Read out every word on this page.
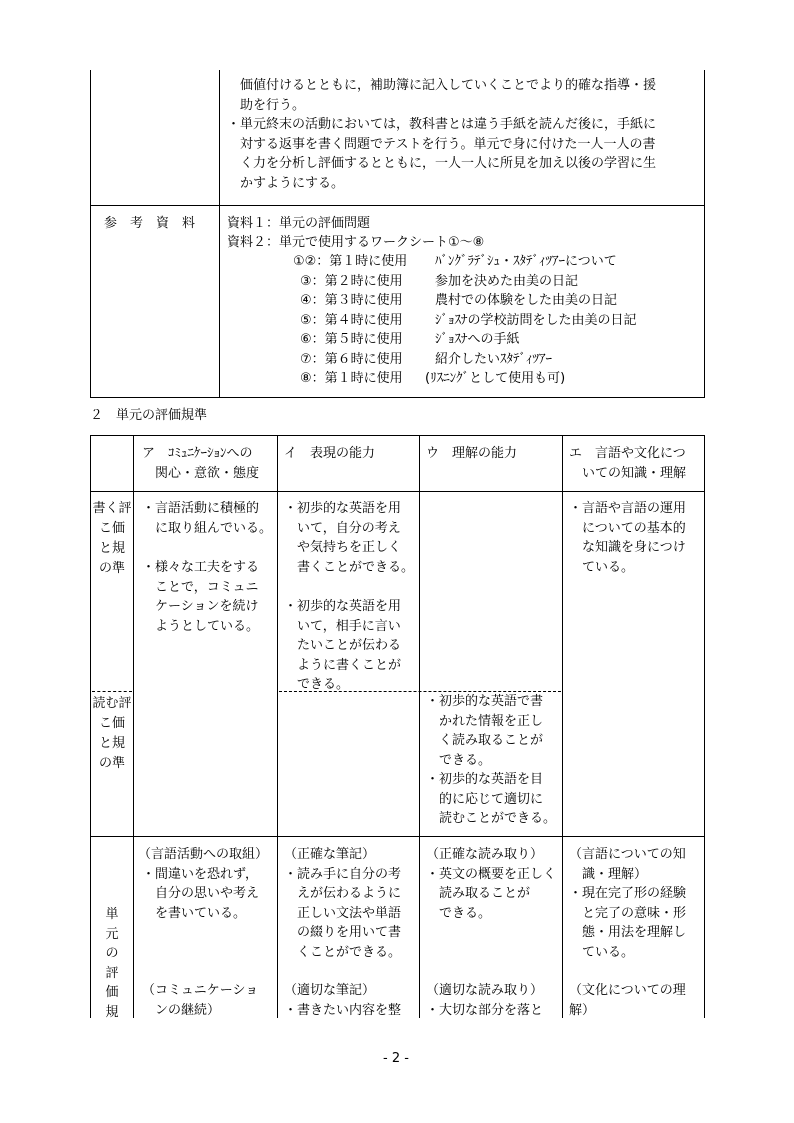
価値付けるとともに，補助簿に記入していくことでより的確な指導・援
助を行う。
・単元終末の活動においては，教科書とは違う手紙を読んだ後に，手紙に
対する返事を書く問題でテストを行う。単元で身に付けた一人一人の書
く力を分析し評価するとともに，一人一人に所見を加え以後の学習に生
かすようにする。
参　考　資　料 資料１：単元の評価問題
資料２：単元で使用するワークシート①～⑧
①②：第１時に使用 ﾊﾞﾝｸﾞﾗﾃﾞｼｭ・ｽﾀﾃﾞｨﾂｱｰについて
③：第２時に使用 参加を決めた由美の日記
④：第３時に使用 農村での体験をした由美の日記
⑤：第４時に使用 ｼﾞｮｽﾅの学校訪問をした由美の日記
⑥：第５時に使用 ｼﾞｮｽﾅへの手紙
⑦：第６時に使用 紹介したいｽﾀﾃﾞｨﾂｱｰ
⑧：第１時に使用 (ﾘｽﾆﾝｸﾞとして使用も可)
２　単元の評価規準
ア　ｺﾐｭﾆｹｰｼｮﾝへの
関心・意欲・態度
イ　表現の能力	ウ　理解の能力	エ　言語や文化につ
いての知識・理解
書く評
こ価
と規
の準
読む評
こ価
と規
の準
単
元
の
評
価
規
・言語活動に積極的
に取り組んでいる。
・様々な工夫をする
ことで，コミュニ
ケーションを続け
ようとしている。
・初歩的な英語を用
いて，自分の考え
や気持ちを正しく
書くことができる。
・初歩的な英語を用
いて，相手に言い
たいことが伝わる
ように書くことが
できる。
・言語や言語の運用
についての基本的
な知識を身につけ
ている。
・初歩的な英語で書
かれた情報を正し
く読み取ることが
できる。
・初歩的な英語を目
的に応じて適切に
読むことができる。
（言語活動への取組）
・間違いを恐れず，
自分の思いや考え
を書いている。
（コミュニケーショ
ンの継続）
（正確な筆記）
・読み手に自分の考
えが伝わるように
正しい文法や単語
の綴りを用いて書
くことができる。
（適切な筆記）
・書きたい内容を整
（正確な読み取り）
・英文の概要を正しく
読み取ることが
できる。
（適切な読み取り）
・大切な部分を落と
（言語についての知
識・理解）
・現在完了形の経験
と完了の意味・形
態・用法を理解し
ている。
（文化についての理
解）
- 2 -
